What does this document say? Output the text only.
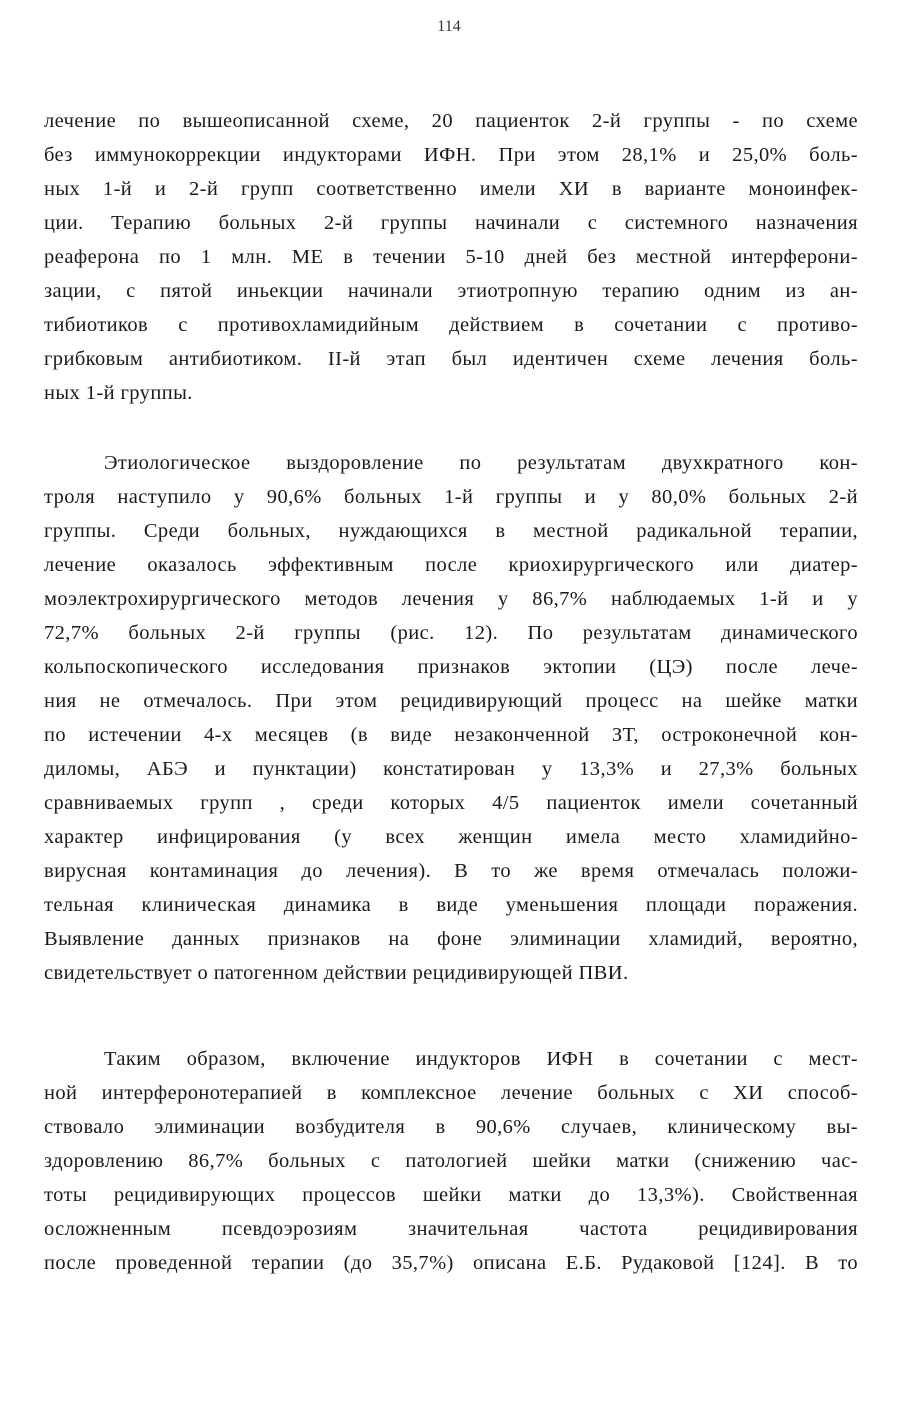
114
лечение по вышеописанной схеме, 20 пациенток 2-й группы - по схеме
без иммунокоррекции индукторами ИФН. При этом 28,1% и 25,0% боль-
ных 1-й и 2-й групп соответственно имели ХИ в варианте моноинфек-
ции. Терапию больных 2-й группы начинали с системного назначения
реаферона по 1 млн. МЕ в течении 5-10 дней без местной интерферони-
зации, с пятой иньекции начинали этиотропную терапию одним из ан-
тибиотиков с противохламидийным действием в сочетании с противо-
грибковым антибиотиком. II-й этап был идентичен схеме лечения боль-
ных 1-й группы.
Этиологическое выздоровление по результатам двухкратного кон-
троля наступило у 90,6% больных 1-й группы и у 80,0% больных 2-й
группы. Среди больных, нуждающихся в местной радикальной терапии,
лечение оказалось эффективным после криохирургического или диатер-
моэлектрохирургического методов лечения у 86,7% наблюдаемых 1-й и у
72,7% больных 2-й группы (рис. 12). По результатам динамического
кольпоскопического исследования признаков эктопии (ЦЭ) после лече-
ния не отмечалось. При этом рецидивирующий процесс на шейке матки
по истечении 4-х месяцев (в виде незаконченной ЗТ, остроконечной кон-
диломы, АБЭ и пунктации) констатирован у 13,3% и 27,3% больных
сравниваемых групп , среди которых 4/5 пациенток имели сочетанный
характер инфицирования (у всех женщин имела место хламидийно-
вирусная контаминация до лечения). В то же время отмечалась положи-
тельная клиническая динамика в виде уменьшения площади поражения.
Выявление данных признаков на фоне элиминации хламидий, вероятно,
свидетельствует о патогенном действии рецидивирующей ПВИ.
Таким образом, включение индукторов ИФН в сочетании с мест-
ной интерферонотерапией в комплексное лечение больных с ХИ способ-
ствовало элиминации возбудителя в 90,6% случаев, клиническому вы-
здоровлению 86,7% больных с патологией шейки матки (снижению час-
тоты рецидивирующих процессов шейки матки до 13,3%). Свойственная
осложненным псевдоэрозиям значительная частота рецидивирования
после проведенной терапии (до 35,7%) описана Е.Б. Рудаковой [124]. В то
